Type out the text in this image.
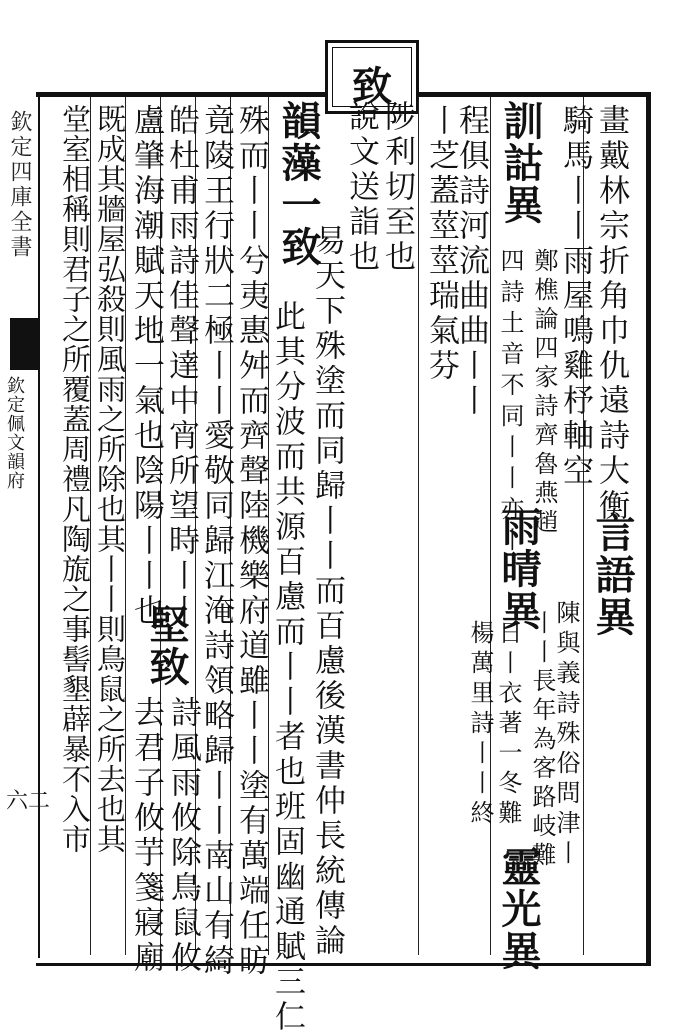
欽定四庫全書
欽定佩文韻府
六二
致
畫戴林宗折角巾仇遠詩大衡
騎馬丨丨雨屋鳴雞杼軸空
言語異
陳與義詩殊俗問津丨
訓詁異
鄭樵論四家詩齊魯燕趙
丨丨長年為客路岐難
四詩土音不同丨丨亦丨
雨晴異
楊萬里詩丨丨終
程俱詩河流曲曲丨丨
日丨衣著一冬難
靈光異
丨芝蓋莖莖瑞氣芬
陟利切至也
說文送詣也
韻藻一致
易天下殊塗而同歸丨丨而百慮後漢書仲長統傳論
此其分波而共源百慮而丨丨者也班固幽通賦三仁
殊而丨丨兮夷惠舛而齊聲陸機樂府道雖丨丨塗有萬端任昉
竟陵王行狀二極丨丨愛敬同歸江淹詩領略歸丨丨南山有綺
皓杜甫雨詩佳聲達中宵所望時丨丨
堅致
詩風雨攸除鳥鼠攸
盧肇海潮賦天地一氣也陰陽丨丨也
去君子攸芋箋寢廟
既成其牆屋弘殺則風雨之所除也其丨丨則鳥鼠之所去也其
堂室相稱則君子之所覆蓋周禮凡陶旊之事髻墾薜暴不入市
